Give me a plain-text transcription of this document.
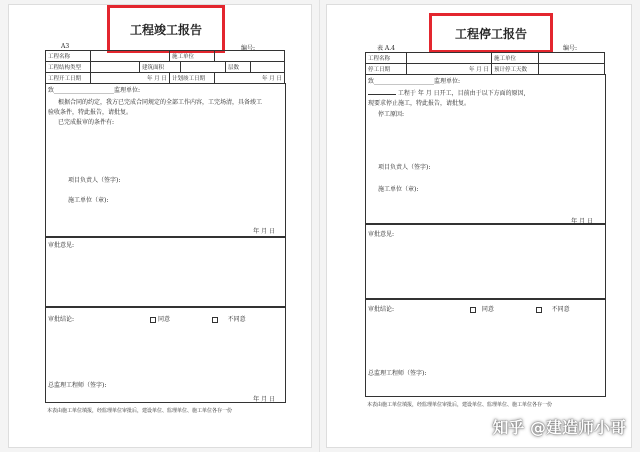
工程竣工报告
A3	编号:
工程名称		施工单位	
工程结构类型		建筑面积		层数	
工程开工日期	年 月 日	计划竣工日期	年 月 日
致____________________监理单位:
根据合同的约定，我方已完成合同规定的全部工作内容，工完场清，具备竣工
验收条件，特此报告，请批复。
已完成报审的条件有:
项目负责人（签字):
施工单位（章):
年 月 日
审批意见:
审批结论:	同意	不同意
总监理工程师（签字):
年 月 日
本表由施工单位填报，经监理单位审批后，建设单位、监理单位、施工单位各存一份
工程停工报告
表 A.4	编号:
工程名称		施工单位	
停工日期	年 月 日	预计停工天数	
致____________________监理单位:
工程于 年 月 日开工，目前由于以下方面的原因,
现要求停止施工，特此报告，请批复。
停工原因:
项目负责人（签字):
施工单位（章):
年 月 日
审批意见:
审批结论:	同意	不同意
总监理工程师（签字):
本表由施工单位填报，经监理单位审批后，建设单位、监理单位、施工单位各存一份
知乎 @建造师小哥
